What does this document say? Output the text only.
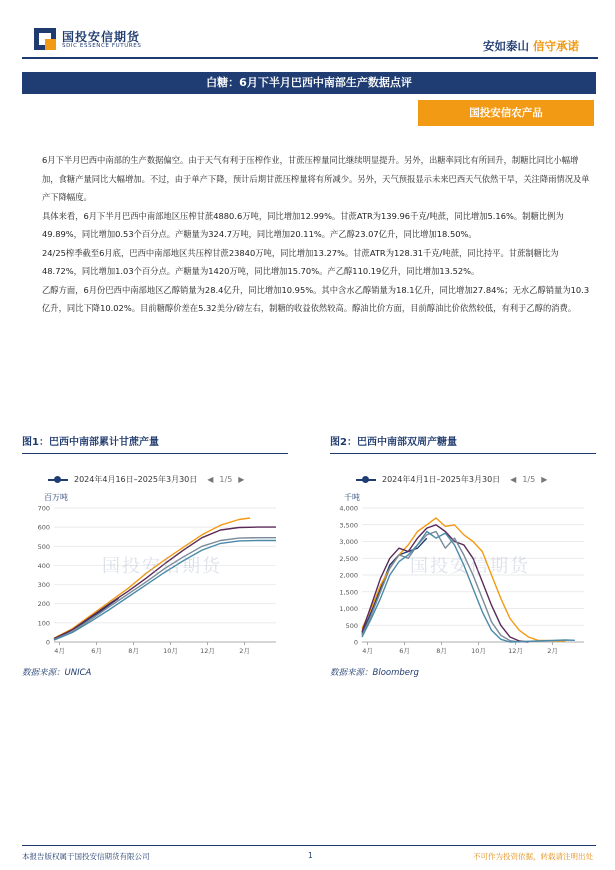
国投安信期货
SDIC ESSENCE FUTURES	安如泰山 信守承诺
白糖：6月下半月巴西中南部生产数据点评
国投安信农产品

6月下半月巴西中南部的生产数据偏空。由于天气有利于压榨作业，甘蔗压榨量同比继续明显提升。另外，出糖率同比有所回升，制糖比同比小幅增加，食糖产量同比大幅增加。不过，由于单产下降，预计后期甘蔗压榨量将有所减少。另外，天气预报显示未来巴西天气依然干旱，关注降雨情况及单产下降幅度。

具体来看，6月下半月巴西中南部地区压榨甘蔗4880.6万吨，同比增加12.99%。甘蔗ATR为139.96千克/吨蔗，同比增加5.16%。制糖比例为49.89%，同比增加0.53个百分点。产糖量为324.7万吨，同比增加20.11%。产乙醇23.07亿升，同比增加18.50%。

24/25榨季截至6月底，巴西中南部地区共压榨甘蔗23840万吨，同比增加13.27%。甘蔗ATR为128.31千克/吨蔗，同比持平。甘蔗制糖比为48.72%，同比增加1.03个百分点。产糖量为1420万吨，同比增加15.70%。产乙醇110.19亿升，同比增加13.52%。

乙醇方面，6月份巴西中南部地区乙醇销量为28.4亿升，同比增加10.95%。其中含水乙醇销量为18.1亿升，同比增加27.84%；无水乙醇销量为10.3亿升，同比下降10.02%。目前糖醇价差在5.32美分/磅左右，制糖的收益依然较高。醇油比价方面，目前醇油比价依然较低，有利于乙醇的消费。

图1：巴西中南部累计甘蔗产量
2024年4月16日–2025年3月30日 ◀ 1/5 ▶
百万吨
0
100
200
300
400
500
600
700
4月	6月	8月	10月	12月	2月
国投安信期货
数据来源：UNICA
图2：巴西中南部双周产糖量
2024年4月1日–2025年3月30日 ◀ 1/5 ▶
千吨
0
500
1,000
1,500
2,000
2,500
3,000
3,500
4,000
4月	6月	8月	10月	12月	2月
国投安信期货
数据来源：Bloomberg
本报告版权属于国投安信期货有限公司	1	不可作为投资依据，转载请注明出处
